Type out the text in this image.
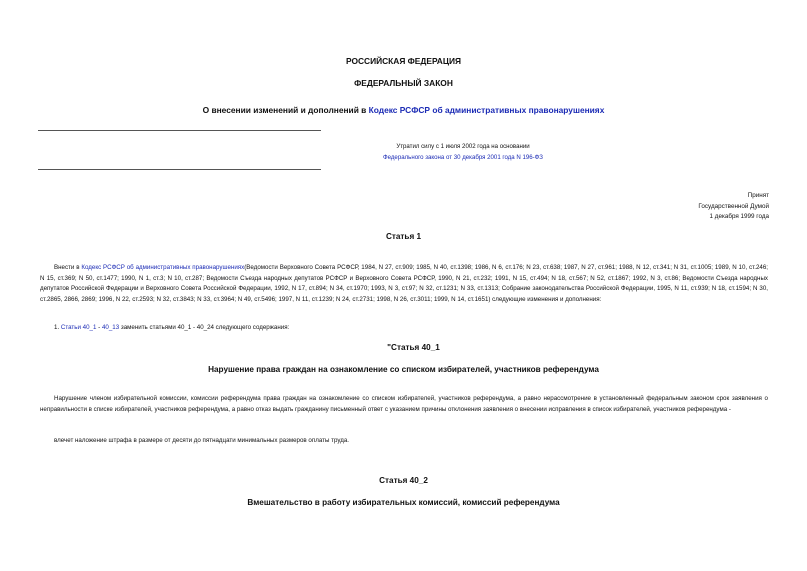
РОССИЙСКАЯ ФЕДЕРАЦИЯ
ФЕДЕРАЛЬНЫЙ ЗАКОН
О внесении изменений и дополнений в Кодекс РСФСР об административных правонарушениях
Утратил силу с 1 июля 2002 года на основании
Федерального закона от 30 декабря 2001 года N 196-ФЗ
Принят
Государственной Думой
1 декабря 1999 года
Статья 1
Внести в Кодекс РСФСР об административных правонарушениях(Ведомости Верховного Совета РСФСР, 1984, N 27, ст.909; 1985, N 40, ст.1398; 1986, N 6, ст.176; N 23, ст.638; 1987, N 27, ст.961; 1988, N 12, ст.341; N 31, ст.1005; 1989, N 10, ст.246; N 15, ст.369; N 50, ст.1477; 1990, N 1, ст.3; N 10, ст.287; Ведомости Съезда народных депутатов РСФСР и Верховного Совета РСФСР, 1990, N 21, ст.232; 1991, N 15, ст.494; N 18, ст.567; N 52, ст.1867; 1992, N 3, ст.86; Ведомости Съезда народных депутатов Российской Федерации и Верховного Совета Российской Федерации, 1992, N 17, ст.894; N 34, ст.1970; 1993, N 3, ст.97; N 32, ст.1231; N 33, ст.1313; Собрание законодательства Российской Федерации, 1995, N 11, ст.939; N 18, ст.1594; N 30, ст.2865, 2866, 2869; 1996, N 22, ст.2593; N 32, ст.3843; N 33, ст.3964; N 49, ст.5496; 1997, N 11, ст.1239; N 24, ст.2731; 1998, N 26, ст.3011; 1999, N 14, ст.1651) следующие изменения и дополнения:
1. Статьи 40_1 - 40_13 заменить статьями 40_1 - 40_24 следующего содержания:
"Статья 40_1
Нарушение права граждан на ознакомление со списком избирателей, участников референдума
Нарушение членом избирательной комиссии, комиссии референдума права граждан на ознакомление со списком избирателей, участников референдума, а равно нерассмотрение в установленный федеральным законом срок заявления о неправильности в списке избирателей, участников референдума, а равно отказ выдать гражданину письменный ответ с указанием причины отклонения заявления о внесении исправления в список избирателей, участников референдума -
влечет наложение штрафа в размере от десяти до пятнадцати минимальных размеров оплаты труда.
Статья 40_2
Вмешательство в работу избирательных комиссий, комиссий референдума
